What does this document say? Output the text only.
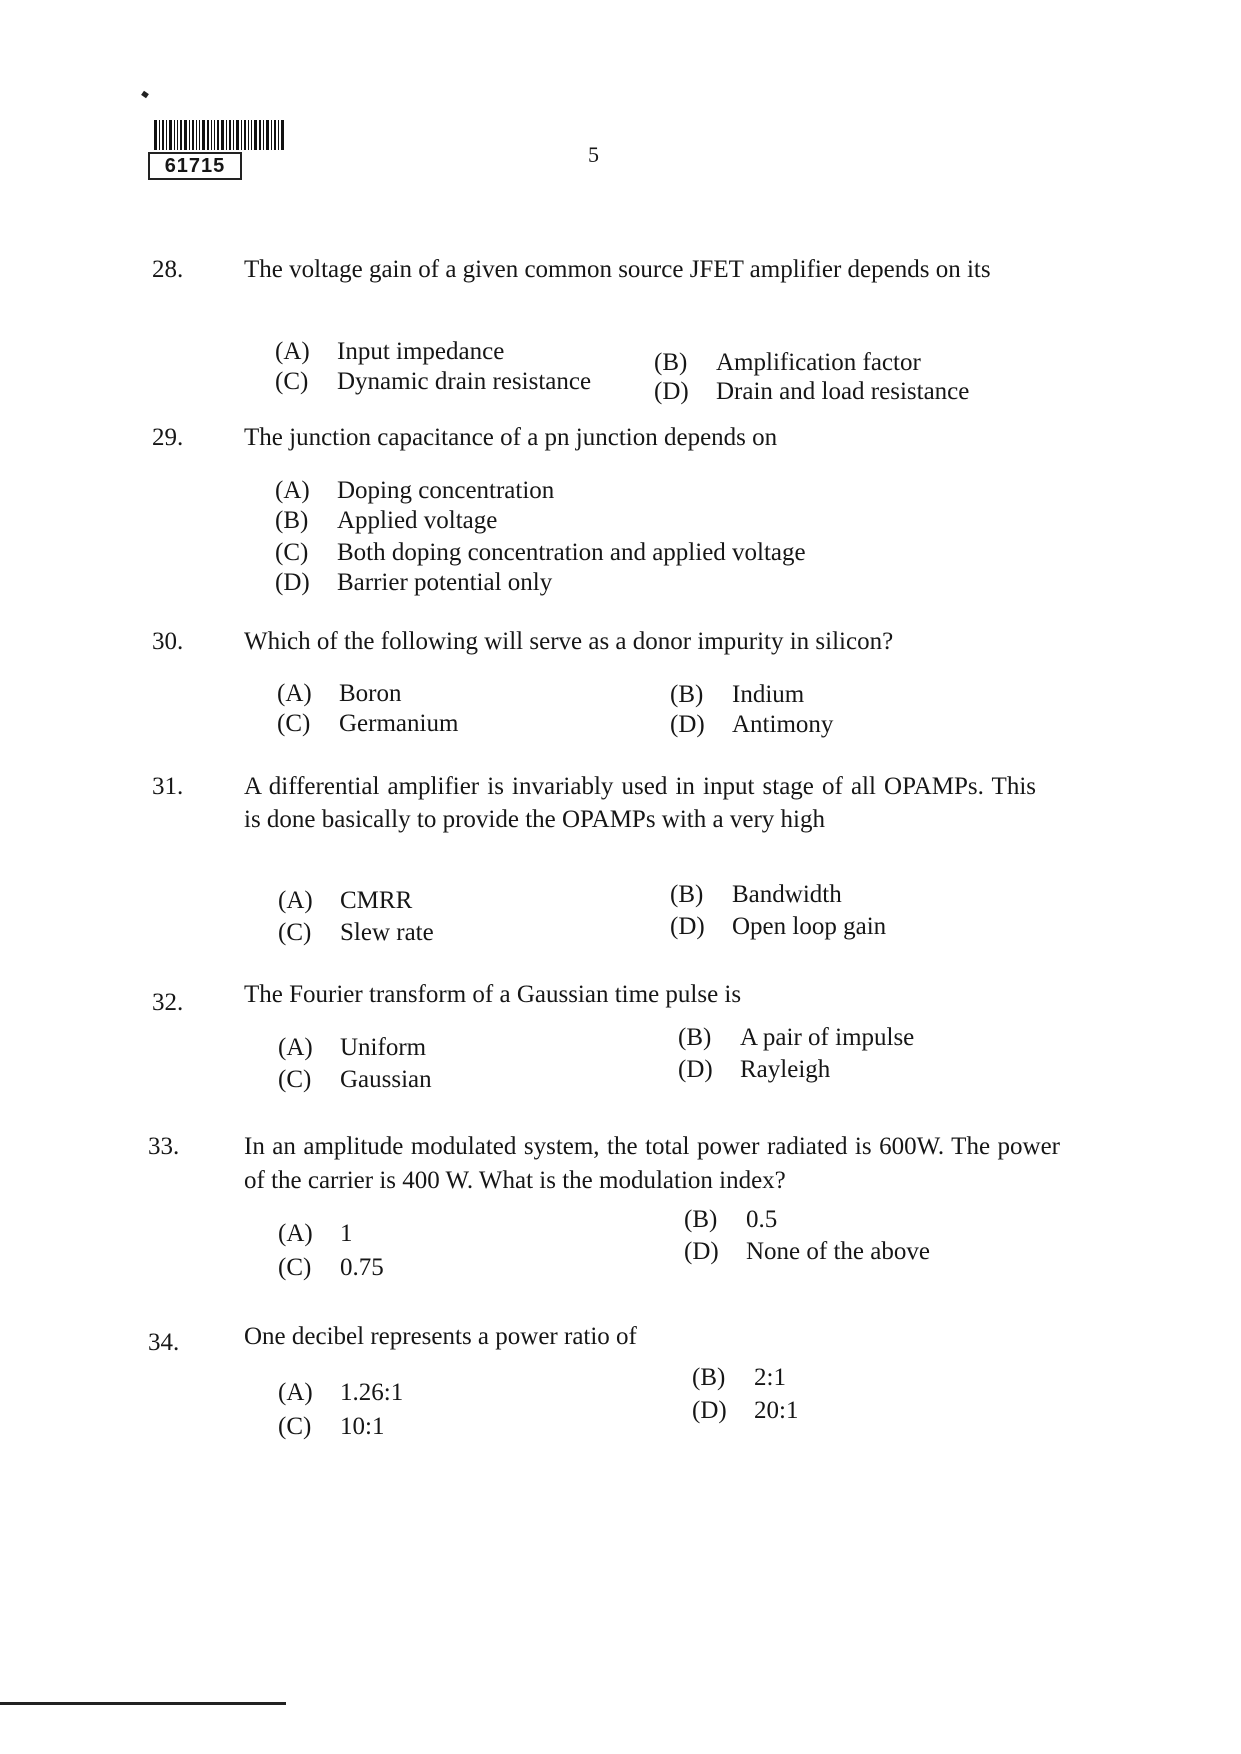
61715	5
28. The voltage gain of a given common source JFET amplifier depends on its
(A) Input impedance	(B) Amplification factor
(C) Dynamic drain resistance	(D) Drain and load resistance
29. The junction capacitance of a pn junction depends on
(A) Doping concentration
(B) Applied voltage
(C) Both doping concentration and applied voltage
(D) Barrier potential only
30. Which of the following will serve as a donor impurity in silicon?
(A) Boron	(B) Indium
(C) Germanium	(D) Antimony
31. A differential amplifier is invariably used in input stage of all OPAMPs. This is done basically to provide the OPAMPs with a very high
(A) CMRR	(B) Bandwidth
(C) Slew rate	(D) Open loop gain
32. The Fourier transform of a Gaussian time pulse is
(A) Uniform	(B) A pair of impulse
(C) Gaussian	(D) Rayleigh
33.	In an amplitude modulated system, the total power radiated is 600W. The power of the carrier is 400 W. What is the modulation index?
(A) 1
(B) 0.5
(C) 0.75
(D) None of the above
34.	One decibel represents a power ratio of
(A) 1.26:1
(B) 2:1
(C) 10:1
(D) 20:1
